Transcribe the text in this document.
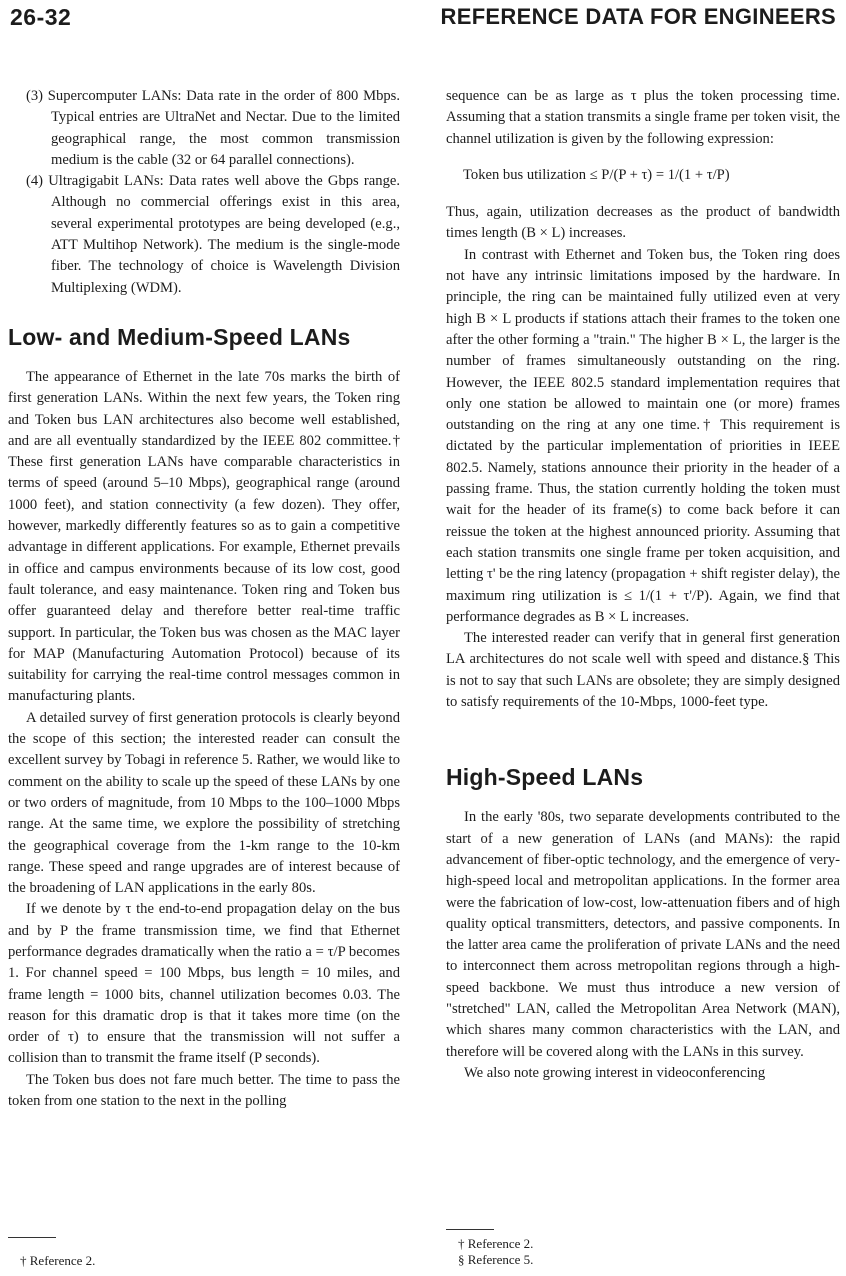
26-32	REFERENCE DATA FOR ENGINEERS

(3) Supercomputer LANs: Data rate in the order of 800 Mbps. Typical entries are UltraNet and Nectar. Due to the limited geographical range, the most common transmission medium is the cable (32 or 64 parallel connections).

(4) Ultragigabit LANs: Data rates well above the Gbps range. Although no commercial offerings exist in this area, several experimental prototypes are being developed (e.g., ATT Multihop Network). The medium is the single-mode fiber. The technology of choice is Wavelength Division Multiplexing (WDM).

Low- and Medium-Speed LANs

The appearance of Ethernet in the late 70s marks the birth of first generation LANs. Within the next few years, the Token ring and Token bus LAN architectures also become well established, and are all eventually standardized by the IEEE 802 committee.† These first generation LANs have comparable characteristics in terms of speed (around 5–10 Mbps), geographical range (around 1000 feet), and station connectivity (a few dozen). They offer, however, markedly differently features so as to gain a competitive advantage in different applications. For example, Ethernet prevails in office and campus environments because of its low cost, good fault tolerance, and easy maintenance. Token ring and Token bus offer guaranteed delay and therefore better real-time traffic support. In particular, the Token bus was chosen as the MAC layer for MAP (Manufacturing Automation Protocol) because of its suitability for carrying the real-time control messages common in manufacturing plants.

A detailed survey of first generation protocols is clearly beyond the scope of this section; the interested reader can consult the excellent survey by Tobagi in reference 5. Rather, we would like to comment on the ability to scale up the speed of these LANs by one or two orders of magnitude, from 10 Mbps to the 100–1000 Mbps range. At the same time, we explore the possibility of stretching the geographical coverage from the 1-km range to the 10-km range. These speed and range upgrades are of interest because of the broadening of LAN applications in the early 80s.

If we denote by τ the end-to-end propagation delay on the bus and by P the frame transmission time, we find that Ethernet performance degrades dramatically when the ratio a = τ/P becomes 1. For channel speed = 100 Mbps, bus length = 10 miles, and frame length = 1000 bits, channel utilization becomes 0.03. The reason for this dramatic drop is that it takes more time (on the order of τ) to ensure that the transmission will not suffer a collision than to transmit the frame itself (P seconds).

The Token bus does not fare much better. The time to pass the token from one station to the next in the polling

sequence can be as large as τ plus the token processing time. Assuming that a station transmits a single frame per token visit, the channel utilization is given by the following expression:

Token bus utilization ≤ P/(P + τ) = 1/(1 + τ/P)

Thus, again, utilization decreases as the product of bandwidth times length (B × L) increases.

In contrast with Ethernet and Token bus, the Token ring does not have any intrinsic limitations imposed by the hardware. In principle, the ring can be maintained fully utilized even at very high B × L products if stations attach their frames to the token one after the other forming a "train." The higher B × L, the larger is the number of frames simultaneously outstanding on the ring. However, the IEEE 802.5 standard implementation requires that only one station be allowed to maintain one (or more) frames outstanding on the ring at any one time.† This requirement is dictated by the particular implementation of priorities in IEEE 802.5. Namely, stations announce their priority in the header of a passing frame. Thus, the station currently holding the token must wait for the header of its frame(s) to come back before it can reissue the token at the highest announced priority. Assuming that each station transmits one single frame per token acquisition, and letting τ' be the ring latency (propagation + shift register delay), the maximum ring utilization is ≤ 1/(1 + τ'/P). Again, we find that performance degrades as B × L increases.

The interested reader can verify that in general first generation LA architectures do not scale well with speed and distance.§ This is not to say that such LANs are obsolete; they are simply designed to satisfy requirements of the 10-Mbps, 1000-feet type.

High-Speed LANs

In the early '80s, two separate developments contributed to the start of a new generation of LANs (and MANs): the rapid advancement of fiber-optic technology, and the emergence of very-high-speed local and metropolitan applications. In the former area were the fabrication of low-cost, low-attenuation fibers and of high quality optical transmitters, detectors, and passive components. In the latter area came the proliferation of private LANs and the need to interconnect them across metropolitan regions through a high-speed backbone. We must thus introduce a new version of "stretched" LAN, called the Metropolitan Area Network (MAN), which shares many common characteristics with the LAN, and therefore will be covered along with the LANs in this survey.

We also note growing interest in videoconferencing

† Reference 2.
† Reference 2.
§ Reference 5.
